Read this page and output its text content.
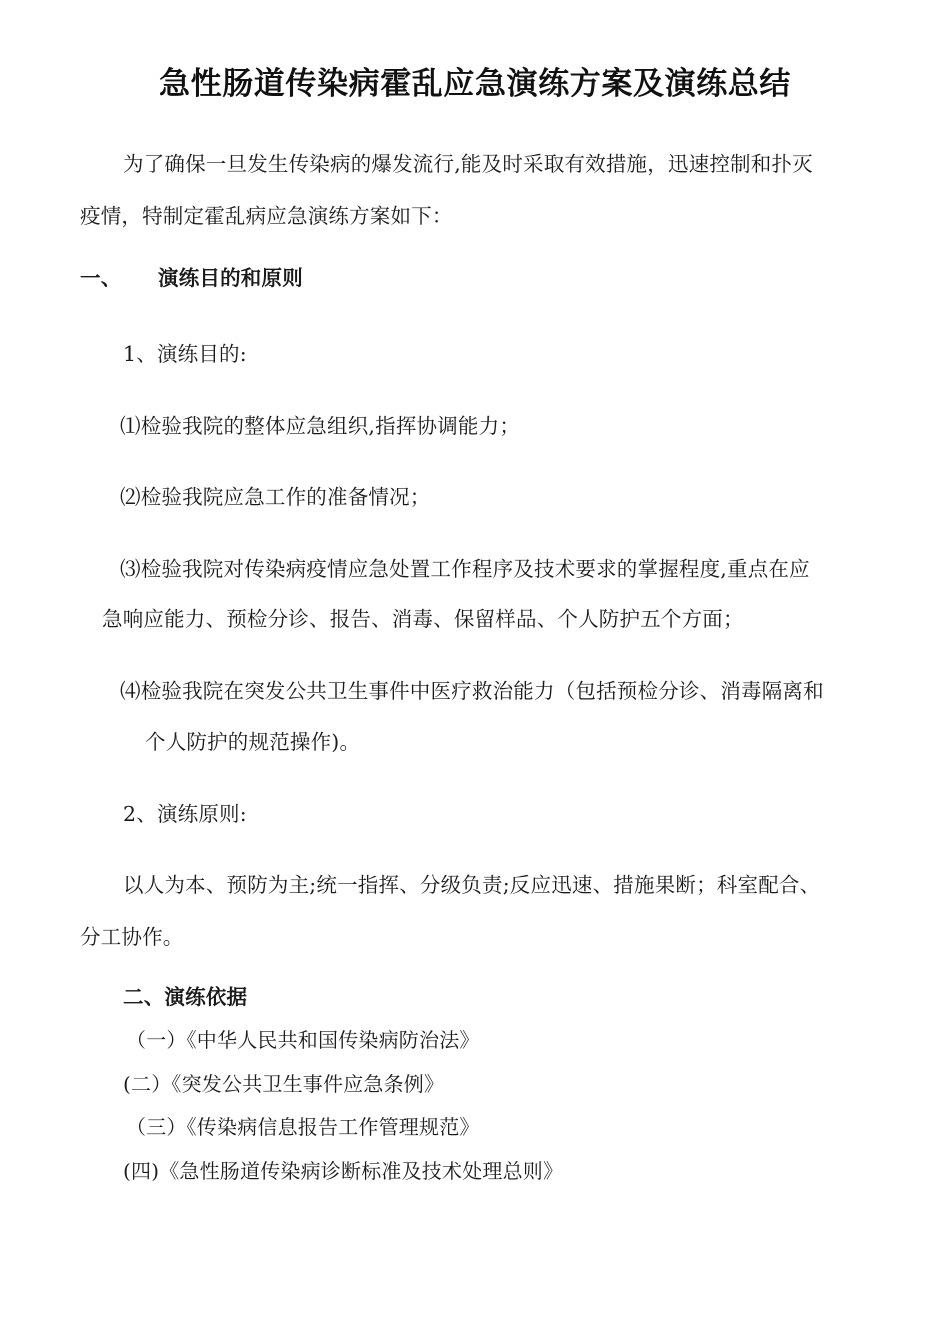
急性肠道传染病霍乱应急演练方案及演练总结
为了确保一旦发生传染病的爆发流行,能及时采取有效措施，迅速控制和扑灭
疫情，特制定霍乱病应急演练方案如下：
一、 演练目的和原则
1、演练目的:
⑴检验我院的整体应急组织,指挥协调能力；
⑵检验我院应急工作的准备情况；
⑶检验我院对传染病疫情应急处置工作程序及技术要求的掌握程度,重点在应
急响应能力、预检分诊、报告、消毒、保留样品、个人防护五个方面；
⑷检验我院在突发公共卫生事件中医疗救治能力（包括预检分诊、消毒隔离和
个人防护的规范操作)。
2、演练原则:
以人为本、预防为主;统一指挥、分级负责;反应迅速、措施果断；科室配合、
分工协作。
二、演练依据
（一）《中华人民共和国传染病防治法》
(二）《突发公共卫生事件应急条例》
（三）《传染病信息报告工作管理规范》
(四)《急性肠道传染病诊断标准及技术处理总则》
